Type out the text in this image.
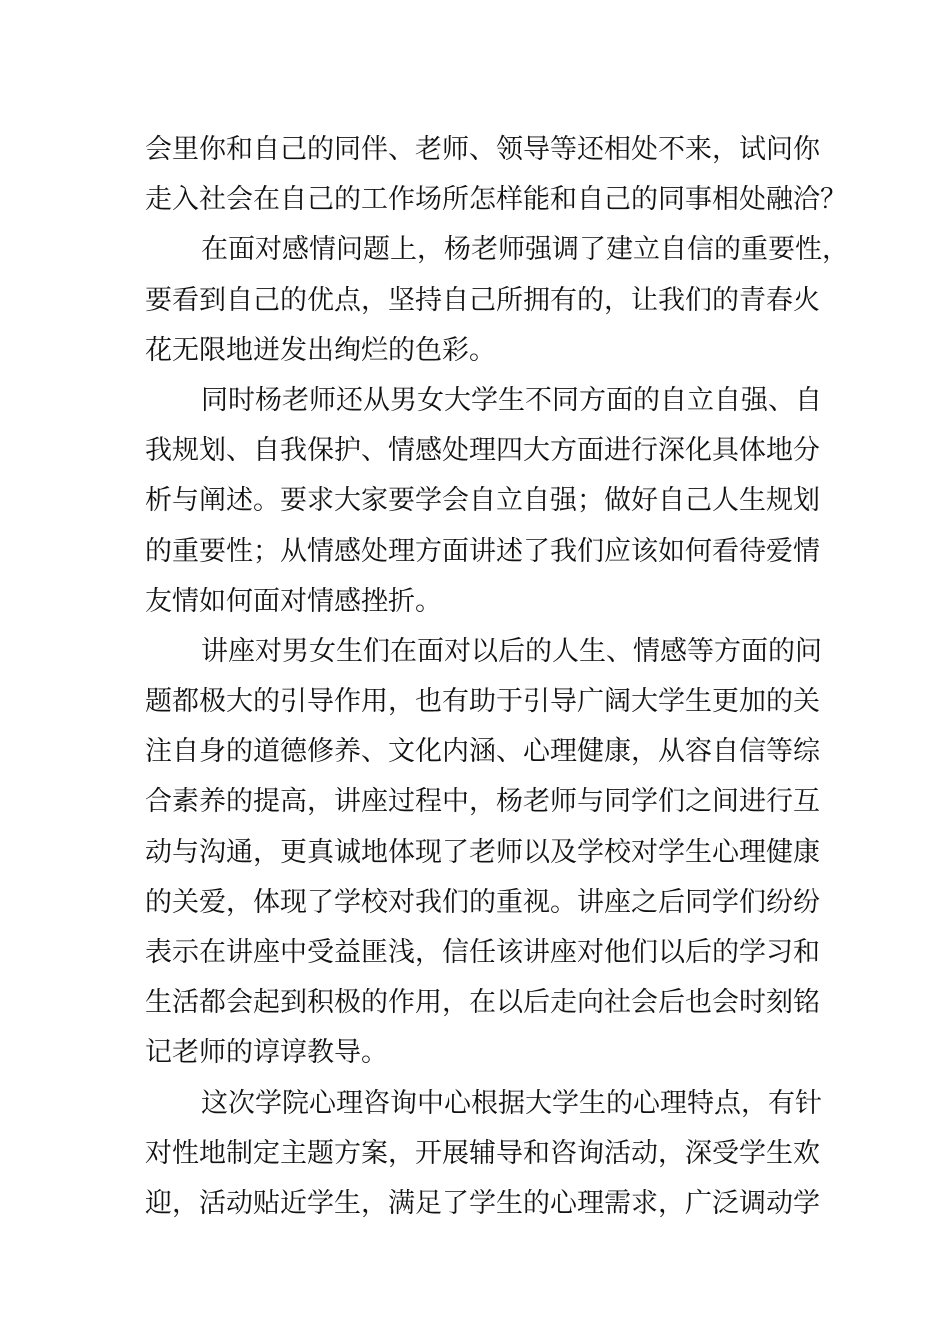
会里你和自己的同伴、老师、领导等还相处不来，试问你
走入社会在自己的工作场所怎样能和自己的同事相处融洽？
在面对感情问题上，杨老师强调了建立自信的重要性，
要看到自己的优点，坚持自己所拥有的，让我们的青春火
花无限地迸发出绚烂的色彩。
同时杨老师还从男女大学生不同方面的自立自强、自
我规划、自我保护、情感处理四大方面进行深化具体地分
析与阐述。要求大家要学会自立自强；做好自己人生规划
的重要性；从情感处理方面讲述了我们应该如何看待爱情
友情如何面对情感挫折。
讲座对男女生们在面对以后的人生、情感等方面的问
题都极大的引导作用，也有助于引导广阔大学生更加的关
注自身的道德修养、文化内涵、心理健康，从容自信等综
合素养的提高，讲座过程中，杨老师与同学们之间进行互
动与沟通，更真诚地体现了老师以及学校对学生心理健康
的关爱，体现了学校对我们的重视。讲座之后同学们纷纷
表示在讲座中受益匪浅，信任该讲座对他们以后的学习和
生活都会起到积极的作用，在以后走向社会后也会时刻铭
记老师的谆谆教导。
这次学院心理咨询中心根据大学生的心理特点，有针
对性地制定主题方案，开展辅导和咨询活动，深受学生欢
迎，活动贴近学生，满足了学生的心理需求，广泛调动学
